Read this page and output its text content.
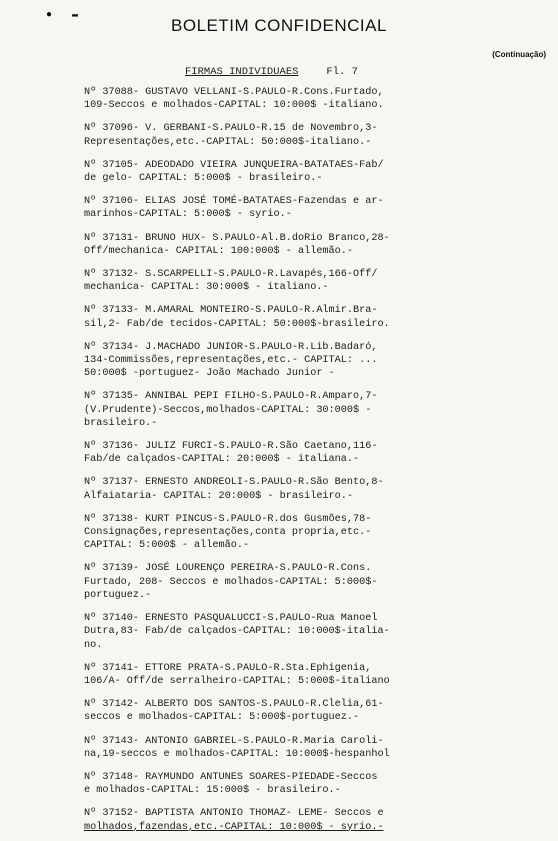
● ▬
BOLETIM CONFIDENCIAL
(Continuação)
FIRMAS INDIVIDUAES	Fl. 7
Nº 37088- GUSTAVO VELLANI-S.PAULO-R.Cons.Furtado,
109-Seccos e molhados-CAPITAL: 10:000$ -italiano.
Nº 37096- V. GERBANI-S.PAULO-R.15 de Novembro,3-
Representações,etc.-CAPITAL: 50:000$-italiano.-
Nº 37105- ADEODADO VIEIRA JUNQUEIRA-BATATAES-Fab/
de gelo- CAPITAL: 5:000$ - brasileiro.-
Nº 37106- ELIAS JOSÉ TOMÉ-BATATAES-Fazendas e ar-
marinhos-CAPITAL: 5:000$ - syrio.-
Nº 37131- BRUNO HUX- S.PAULO-Al.B.doRio Branco,28-
Off/mechanica- CAPITAL: 100:000$ - allemão.-
Nº 37132- S.SCARPELLI-S.PAULO-R.Lavapés,166-Off/
mechanica- CAPITAL: 30:000$ - italiano.-
Nº 37133- M.AMARAL MONTEIRO-S.PAULO-R.Almir.Bra-
sil,2- Fab/de tecidos-CAPITAL: 50:000$-brasileiro.
Nº 37134- J.MACHADO JUNIOR-S.PAULO-R.Lib.Badaró,
134-Commissões,representações,etc.- CAPITAL: ...
50:000$ -portuguez- João Machado Junior -
Nº 37135- ANNIBAL PEPI FILHO-S.PAULO-R.Amparo,7-
(V.Prudente)-Seccos,molhados-CAPITAL: 30:000$ -
brasileiro.-
Nº 37136- JULIZ FURCI-S.PAULO-R.São Caetano,116-
Fab/de calçados-CAPITAL: 20:000$ - italiana.-
Nº 37137- ERNESTO ANDREOLI-S.PAULO-R.São Bento,8-
Alfaiataria- CAPITAL: 20:000$ - brasileiro.-
Nº 37138- KURT PINCUS-S.PAULO-R.dos Gusmões,78-
Consignações,representações,conta propria,etc.-
CAPITAL: 5:000$ - allemão.-
Nº 37139- JOSÉ LOURENÇO PEREIRA-S.PAULO-R.Cons.
Furtado, 208- Seccos e molhados-CAPITAL: 5:000$-
portuguez.-
Nº 37140- ERNESTO PASQUALUCCI-S.PAULO-Rua Manoel
Dutra,83- Fab/de calçados-CAPITAL: 10:000$-italia-
no.
Nº 37141- ETTORE PRATA-S.PAULO-R.Sta.Ephigenia,
106/A- Off/de serralheiro-CAPITAL: 5:000$-italiano
Nº 37142- ALBERTO DOS SANTOS-S.PAULO-R.Clelia,61-
seccos e molhados-CAPITAL: 5:000$-portuguez.-
Nº 37143- ANTONIO GABRIEL-S.PAULO-R.Maria Caroli-
na,19-seccos e molhados-CAPITAL: 10:000$-hespanhol
Nº 37148- RAYMUNDO ANTUNES SOARES-PIEDADE-Seccos
e molhados-CAPITAL: 15:000$ - brasileiro.-
Nº 37152- BAPTISTA ANTONIO THOMAZ- LEME- Seccos e
molhados,fazendas,etc.-CAPITAL: 10:000$ - syrio.-
